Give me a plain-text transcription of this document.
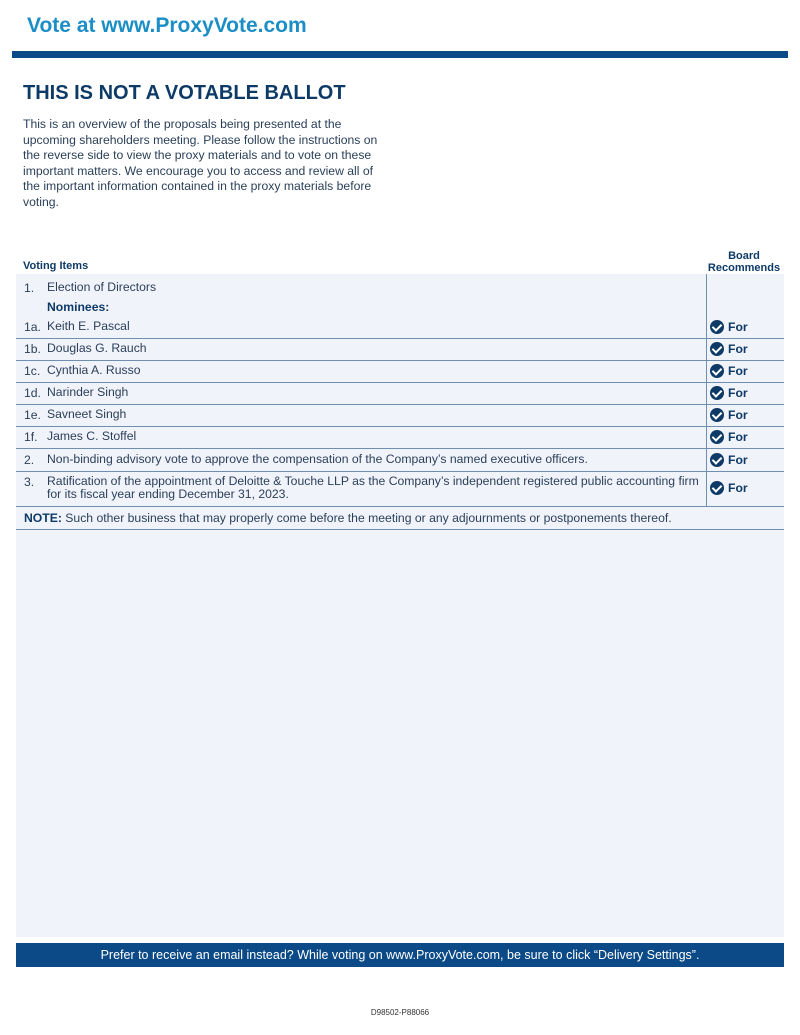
Vote at www.ProxyVote.com
THIS IS NOT A VOTABLE BALLOT
This is an overview of the proposals being presented at the upcoming shareholders meeting. Please follow the instructions on the reverse side to view the proxy materials and to vote on these important matters. We encourage you to access and review all of the important information contained in the proxy materials before voting.
Voting Items
Board
Recommends
1. Election of Directors
Nominees:
1a. Keith E. Pascal	For
1b. Douglas G. Rauch	For
1c. Cynthia A. Russo	For
1d. Narinder Singh	For
1e. Savneet Singh	For
1f. James C. Stoffel	For
2. Non-binding advisory vote to approve the compensation of the Company’s named executive officers.	For
3. Ratification of the appointment of Deloitte & Touche LLP as the Company’s independent registered public accounting firm for its fiscal year ending December 31, 2023.	For
NOTE: Such other business that may properly come before the meeting or any adjournments or postponements thereof.
Prefer to receive an email instead? While voting on www.ProxyVote.com, be sure to click “Delivery Settings”.
D98502-P88066
